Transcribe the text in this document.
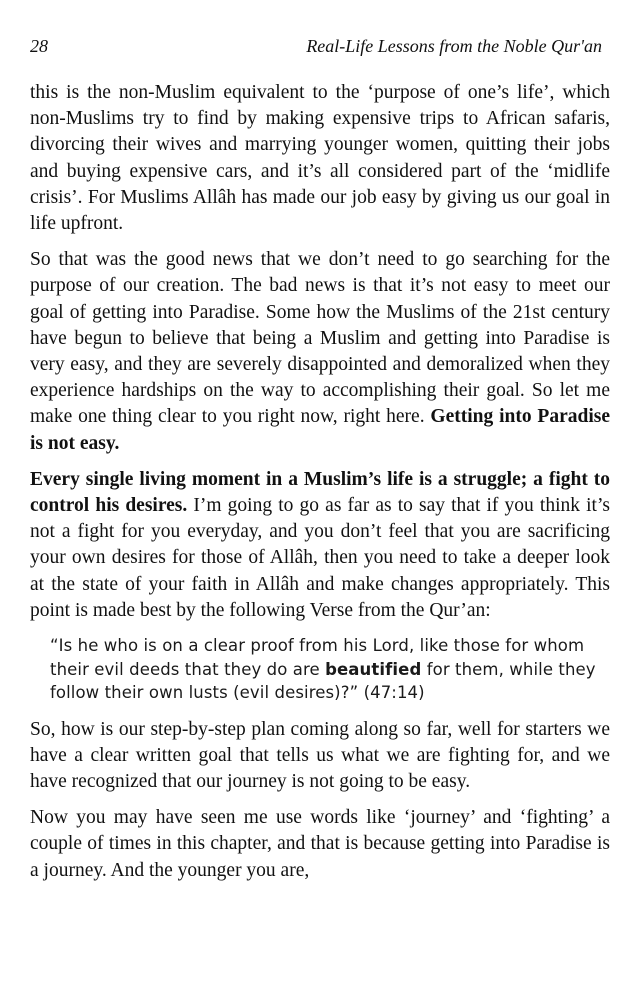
28	Real-Life Lessons from the Noble Qur'an

this is the non-Muslim equivalent to the ‘purpose of one’s life’, which non-Muslims try to find by making expensive trips to African safaris, divorcing their wives and marrying younger women, quitting their jobs and buying expensive cars, and it’s all considered part of the ‘midlife crisis’. For Muslims Allâh has made our job easy by giving us our goal in life upfront.

So that was the good news that we don’t need to go searching for the purpose of our creation. The bad news is that it’s not easy to meet our goal of getting into Paradise. Some how the Muslims of the 21st century have begun to believe that being a Muslim and getting into Paradise is very easy, and they are severely disappointed and demoralized when they experience hardships on the way to accomplishing their goal. So let me make one thing clear to you right now, right here. Getting into Paradise is not easy.

Every single living moment in a Muslim’s life is a struggle; a fight to control his desires. I’m going to go as far as to say that if you think it’s not a fight for you everyday, and you don’t feel that you are sacrificing your own desires for those of Allâh, then you need to take a deeper look at the state of your faith in Allâh and make changes appropriately. This point is made best by the following Verse from the Qur’an:

“Is he who is on a clear proof from his Lord, like those for whom their evil deeds that they do are beautified for them, while they follow their own lusts (evil desires)?” (47:14)

So, how is our step-by-step plan coming along so far, well for starters we have a clear written goal that tells us what we are fighting for, and we have recognized that our journey is not going to be easy.

Now you may have seen me use words like ‘journey’ and ‘fighting’ a couple of times in this chapter, and that is because getting into Paradise is a journey. And the younger you are,
